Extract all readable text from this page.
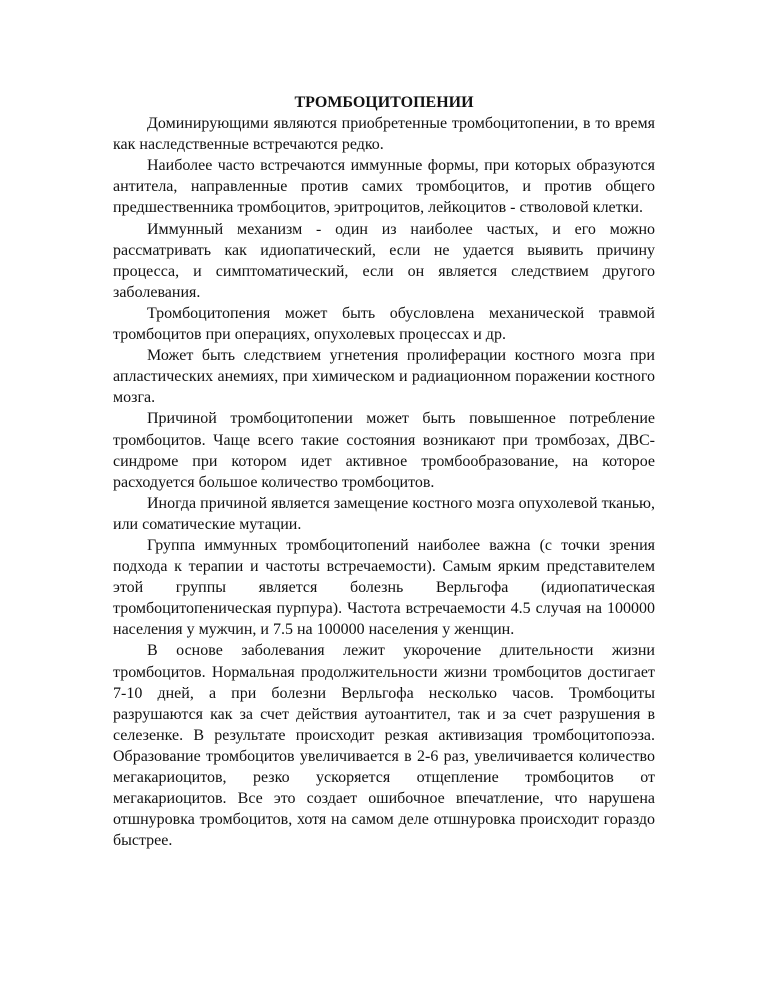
ТРОМБОЦИТОПЕНИИ

Доминирующими являются приобретенные тромбоцитопении, в то время как наследственные встречаются редко.

Наиболее часто встречаются иммунные формы, при которых образуются антитела, направленные против самих тромбоцитов, и против общего предшественника тромбоцитов, эритроцитов, лейкоцитов - стволовой клетки.

Иммунный механизм - один из наиболее частых, и его можно рассматривать как идиопатический, если не удается выявить причину процесса, и симптоматический, если он является следствием другого заболевания.

Тромбоцитопения может быть обусловлена механической травмой тромбоцитов при операциях, опухолевых процессах и др.

Может быть следствием угнетения пролиферации костного мозга при апластических анемиях, при химическом и радиационном поражении костного мозга.

Причиной тромбоцитопении может быть повышенное потребление тромбоцитов. Чаще всего такие состояния возникают при тромбозах, ДВС-синдроме при котором идет активное тромбообразование, на которое расходуется большое количество тромбоцитов.

Иногда причиной является замещение костного мозга опухолевой тканью, или соматические мутации.

Группа иммунных тромбоцитопений наиболее важна (с точки зрения подхода к терапии и частоты встречаемости). Самым ярким представителем этой группы является болезнь Верльгофа (идиопатическая тромбоцитопеническая пурпура). Частота встречаемости 4.5 случая на 100000 населения у мужчин, и 7.5 на 100000 населения у женщин.

В основе заболевания лежит укорочение длительности жизни тромбоцитов. Нормальная продолжительности жизни тромбоцитов достигает 7-10 дней, а при болезни Верльгофа несколько часов. Тромбоциты разрушаются как за счет действия аутоантител, так и за счет разрушения в селезенке. В результате происходит резкая активизация тромбоцитопоэза. Образование тромбоцитов увеличивается в 2-6 раз, увеличивается количество мегакариоцитов, резко ускоряется отщепление тромбоцитов от мегакариоцитов. Все это создает ошибочное впечатление, что нарушена отшнуровка тромбоцитов, хотя на самом деле отшнуровка происходит гораздо быстрее.
